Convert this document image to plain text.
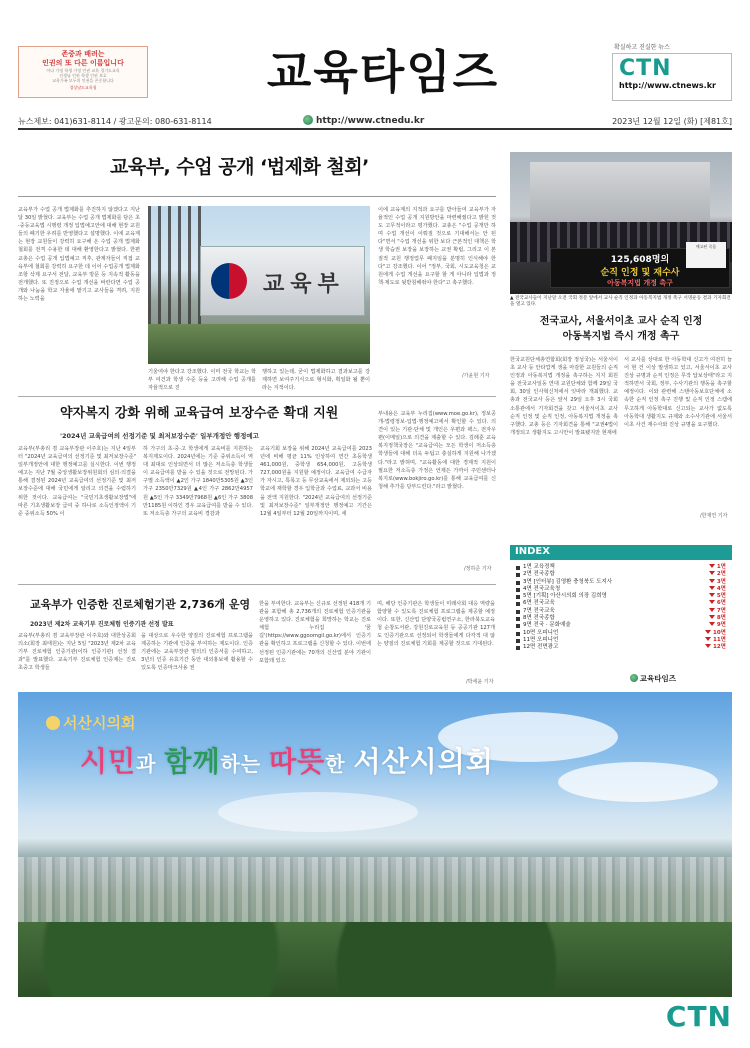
존중과 배려는
인권의 또 다른 이름입니다
이다 가정 학생 가정 인권 교육 경기도교육
선생님 인권 학생 인권 보호
교육가족 모두의 인권을 존중합니다
경상남도교육청	교육타임즈	확실하고 진실한 뉴스
CTN
http://www.ctnews.kr
뉴스제보: 041)631-8114 / 광고문의: 080-631-8114	http://www.ctnedu.kr	2023년 12월 12일 (화) [제81호]
교육부, 수업 공개 ‘법제화 철회’
교육부가 수업 공개 법제화를 추진하지 않겠다고 지난달 30일 밝혔다. 교육부는 수업 공개 법제화를 담은 초·중등교육법 시행령 개정 입법예고안에 대해 현장 교원들의 폐기한 우려를 반영했다고 설명했다. 이에 교육계는 현장 교원들이 강력히 요구해 온 수업 공개 법제화 철회를 전격 수용한 데 대해 환영한다고 밝혔다. 한편 교총은 수업 공개 입법예고 직후, 관계자들이 직접 교육부에 철회를 강력히 요구한 데 이어 수업공개 법제화 조항 삭제 요구서 전달, 교육부 방문 등 지속적 활동을 전개했다. 또 진정으로 수업 개선을 바란다면 수업 공개와 나눔을 학교 자율에 맡기고 교사들을 격려, 지원하는 노력을
교육부
기울여야 한다고 강조했다. 이미 전국 학교는 학부 여건과 학생 수준 등을 고려해 수업 공개를 자율적으로 진
행하고 있는데, 굳이 법제화하고 결과보고를 강제하면 보여주기식으로 형식화, 획일화 될 뿐이라는 지적이다.
이에 교육계의 지적과 요구를 받아들여 교육부가 자율적인 수업 공개 지원방안을 마련해줬다고 밝힌 것도 고무적이라고 평가했다. 교총은 "수업 공개만 하며 수업 개선이 이뤄질 것으로 기대해서는 안 된다"면서 "수업 개선을 위한 보다 근본적인 대책은 학생 학습권 보장을 보장하는 교권 확립, 그리고 이 본질적 교원 행정업무 폐지임을 분명히 인식해야 한다"고 강조했다. 이어 "정부, 국회, 시도교육청은 교원에게 수업 개선을 요구할 할 게 아니라 입법과 정책·제도로 뒷받침해줘야 한다"고 촉구했다.
/가윤현 기자
125,608명의
순직 인정 및 재수사
아동복지법 개정 촉구
예고된 죽음
▲ 전국교사들이 지난달 오전 국회 정문 앞에서 교사 순직 인정과 아동복지법 개정 촉구 서명운동 결과 기자회견을 열고 있다.
전국교사, 서울서이초 교사 순직 인정
아동복지법 즉시 개정 촉구
한국교원단체총연합회(회장 정성국)는 서울서이초 교사 등 안타깝게 생을 마감한 교원들의 순직 인정과 아동복지법 개정을 촉구하는 지지 회원을 전국교사일동 연대 교원단체와 함께 29일 국회, 30일 인사혁신처에서 잇따라 개최했다. 교총과 전국교사 등은 앞서 29일 오후 3시 국회 소통관에서 기자회견을 갖고 서울서이초 교사 순직 인정 및 순직 인정, 아동복지법 개정을 촉구했다. 교총 등은 기자회견을 통해 "교권4법이 개정되고 생활지도 고시안이 발표됐지만 현재에
서 교사를 상대로 한 아동학대 신고가 여전히 늘어 현 건 이상 발생하고 있고, 서울서이초 교사 진상 규명과 순직 인정은 무작 답보상태"라고 지적하면서 국회, 정부, 수사기관의 행동을 촉구할 예정이다. 이와 관련해 스탠아동보호단체에 소속한 순직 인정 촉구 진행 및 순직 인정 스캠에 무고하게 아동학대로 신고되는 교사가 없도록 아동학대 생활지도 규제와 소수사기관에 서울서이초 사건 재수사와 진상 규명을 요구했다.
/한재연 기자
약자복지 강화 위해 교육급여 보장수준 확대 지원
'2024년 교육급여의 선정기준 및 최저보장수준' 일부개정안 행정예고
교육부(부총리 겸 교육부장관 이주호)는 지난 4일부터 "2024년 교육급여의 선정기준 및 최저보장수준" 일부개정안에 대한 행정예고를 실시한다. 이번 행정예고는 지난 7월 중앙생활보장위원회의 심의·의결을 통해 결정된 2024년 교육급여의 선정기준 및 최저보장수준에 대해 국민에게 알리고 의견을 수렴하기 위한 것이다. 교육급여는 "국민기초생활보장법"에 따른 기초생활보장 급여 중 하나로 소득인정액이 기준 중위소득 50% 이
하 가구의 초·중·고 학생에게 교육비를 지원하는 복지제도이다. 2024년에는 기준 중위소득이 역대 최대로 인상되면서 더 많은 저소득층 학생들이 교육급여를 받을 수 있을 것으로 전망된다. 가구별 소득액이 ▲2인 가구 1840만5305원 ▲3인 가구 2350만7329원 ▲4인 가구 2862만4957원 ▲5인 가구 3349만7968원 ▲6인 가구 3808만1185원 이하인 경우 교육급여를 받을 수 있다. 또 저소득층 가구의 교육비 경감과
교육기회 보장을 위해 2024년 교육급여를 2023년에 비해 평균 11% 인상하여 연간 초등학생 461,000원, 중학생 654,000원, 고등학생 727,000원을 지원할 예정이다. 교육급여 수급자가 자시고, 특목고 등 무상교육에서 제외되는 고등학교에 재학할 경우 입학금과 수업료, 교과서 비용을 전액 지원한다. "2024년 교육급여의 선정기준 및 최저보장수준" 일부개정안 행정예고 기간은 12월 4일부터 12월 20일까지이며, 세
부내용은 교육부 누리집(www.moe.go.kr), 정보공개-법령정보-입법·행정예고에서 확인할 수 있다. 의견이 있는 기관·단체 및 개인은 우편과 팩스, 전자우편(이메일)으로 의견을 제출할 수 있다. 김례훈 교육복지정책국장은 "교육급여는 모든 학생이 저소득층 학생들에 대해 더욱 두텁고 충실하게 지원해 나가겠다."라고 밝혀며, "교육활동에 대한 경제적 지원이 필요한 저소득층 가정은 언제든 가까이 주민센터나 복지로(www.bokjiro.go.kr)를 통해 교육급여를 신청해 추가를 당부드린다."라고 밝혔다.
/정하준 기자
INDEX
1면 교육정책	1면
2면 전국종합	2면
3면 [인터뷰] 김영환 충청북도 도지사	3면
4면 전국교육청	4면
5면 [기획] 아산시의회 의장 김희영	5면
6면 전국교육	6면
7면 전국교육	7면
8면 전국종합	8면
9면 전국 · 문화예술	9면
10면 오피니언	10면
11면 오피니언	11면
12면 전면광고	12면
교육타임즈
교육부가 인증한 진로체험기관 2,736개 운영
2023년 제2차 교육기부 진로체험 인증기관 선정 발표
교육부(부총리 겸 교육부장관 이주호)와 대한상공회의소(회장 최태원)는 지난 5일 "2023년 제2차 교육기부 진로체험 인증기관(이하 인증기관) 선정 결과"를 발표했다. 교육기부 진로체험 인증제는 진로 초중고 학생들
을 대상으로 우수한 양질의 진로체험 프로그램을 제공하는 기관에 인증을 부여하는 제도이다. 인증기관에는 교육부장관 명의의 인증서를 수여하고, 3년의 인증 유효기간 동안 대외홍보에 활용할 수 있도록 인증마크사용 권
한을 부여한다. 교육부는 신규로 선정된 418개 기관을 포함해 총 2,736개의 진로체험 인증기관을 운영하고 있다. 진로체험을 희망하는 학교는 진로체험 누리집 '꿈길'(https://www.ggoomgil.go.kr)에서 인증기관을 확인하고 프로그램을 신청할 수 있다. 이번에 선정된 인증기관에는 70개의 신산업 분야 기관이 포함돼 있으
며, 해당 인증기관은 학생들이 미래사회 대응 역량을 함양할 수 있도록 진로체험 프로그램을 제공할 예정이다. 또한, 신산업 단양국공립연구소, 한라북도교육청 순창도서관, 강원진로교육원 등 공공기관 127개도 인증기관으로 선정되어 학생들에게 다각적 대 않는 양질의 진로체험 기회를 제공할 것으로 기대된다.
/박세윤 기자
서산시의회
시민과 함께하는 따뜻한 서산시의회
CTN
